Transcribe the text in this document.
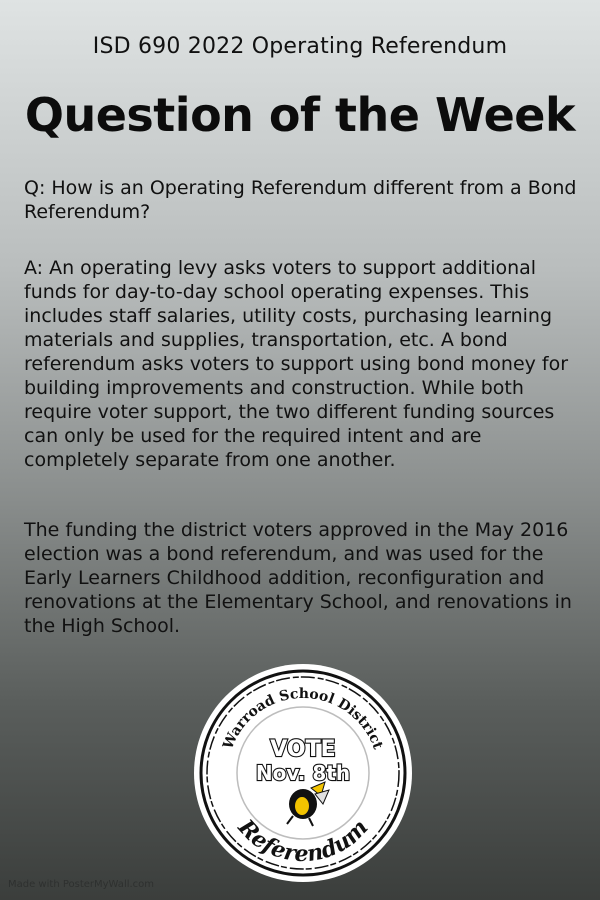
ISD 690 2022 Operating Referendum
Question of the Week
Q: How is an Operating Referendum different from a Bond Referendum?
A: An operating levy asks voters to support additional funds for day-to-day school operating expenses. This includes staff salaries, utility costs, purchasing learning materials and supplies, transportation, etc. A bond referendum asks voters to support using bond money for building improvements and construction. While both require voter support, the two different funding sources can only be used for the required intent and are completely separate from one another.
The funding the district voters approved in the May 2016 election was a bond referendum, and was used for the Early Learners Childhood addition, reconfiguration and renovations at the Elementary School, and renovations in the High School.
Warroad School District
VOTE
Nov. 8th
Referendum
Made with PosterMyWall.com
